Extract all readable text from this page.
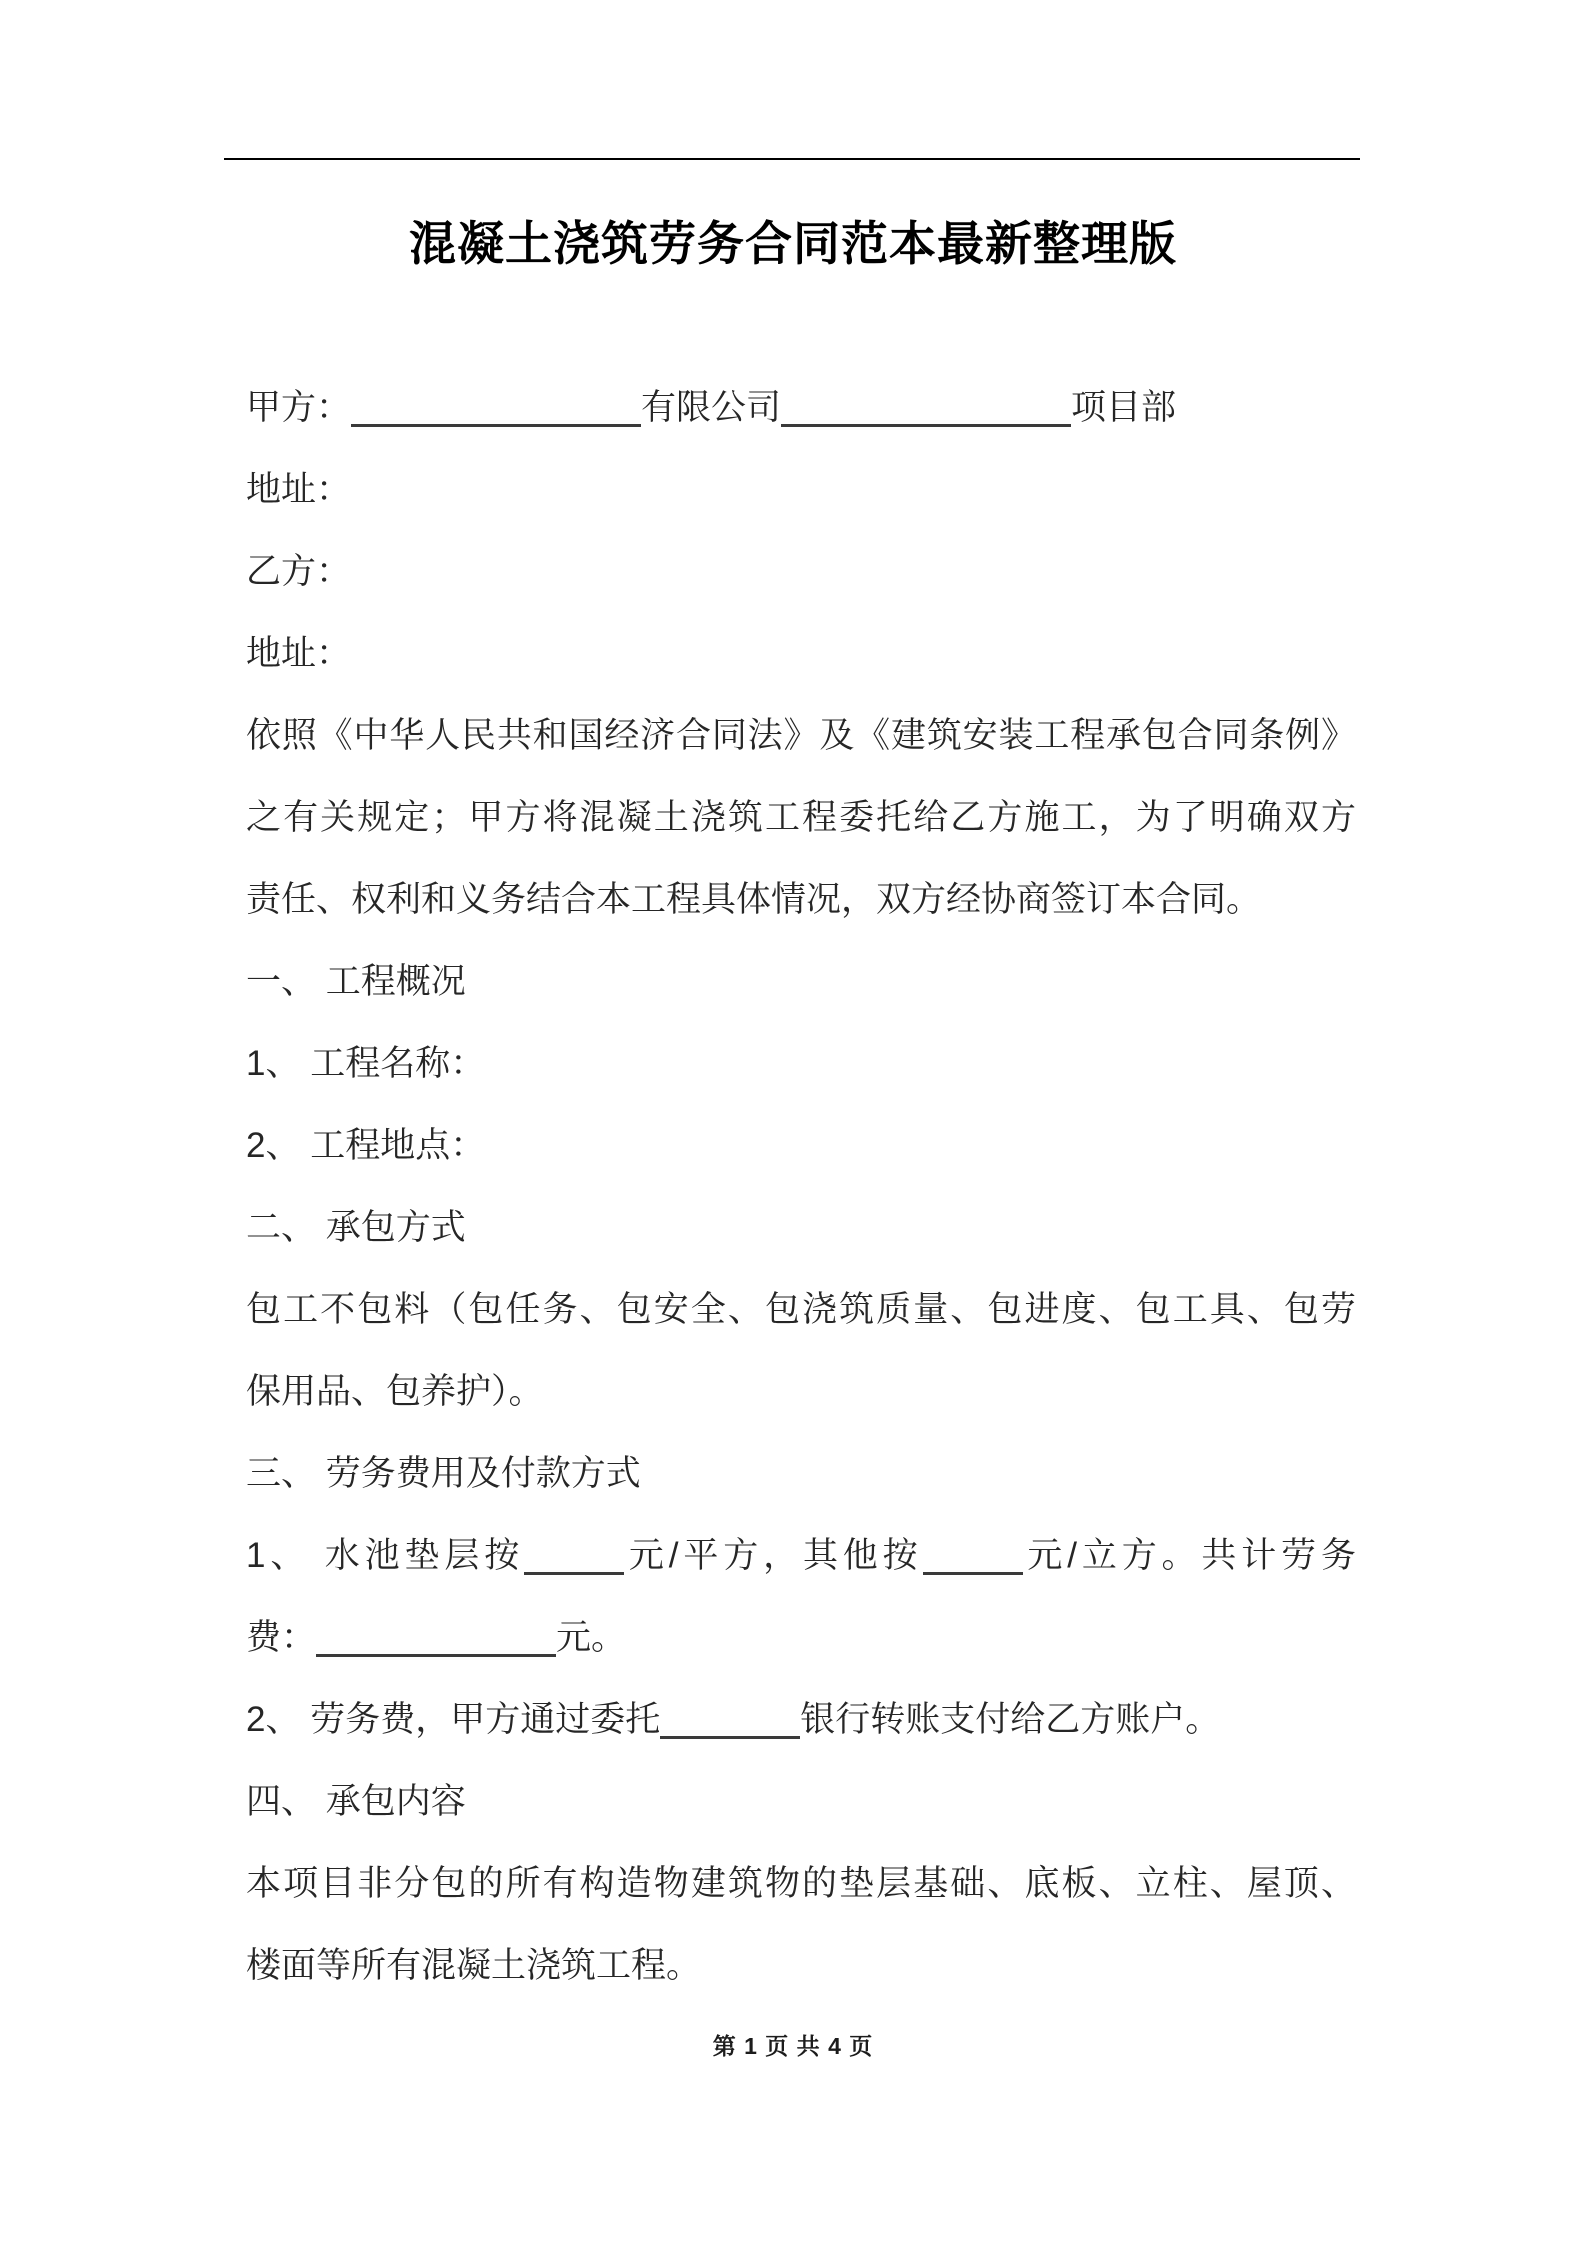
混凝土浇筑劳务合同范本最新整理版
甲方：	有限公司	项目部
地址：
乙方：
地址：
依照《中华人民共和国经济合同法》及《建筑安装工程承包合同条例》
之有关规定；甲方将混凝土浇筑工程委托给乙方施工，为了明确双方
责任、权利和义务结合本工程具体情况，双方经协商签订本合同。
一、 工程概况
1、 工程名称：
2、 工程地点：
二、 承包方式
包工不包料（包任务、包安全、包浇筑质量、包进度、包工具、包劳
保用品、包养护）。
三、 劳务费用及付款方式
1、 水池垫层按	元/平方，其他按	元/立方。共计劳务
费：	元。
2、 劳务费，甲方通过委托	银行转账支付给乙方账户。
四、 承包内容
本项目非分包的所有构造物建筑物的垫层基础、底板、立柱、屋顶、
楼面等所有混凝土浇筑工程。
第 1 页 共 4 页
